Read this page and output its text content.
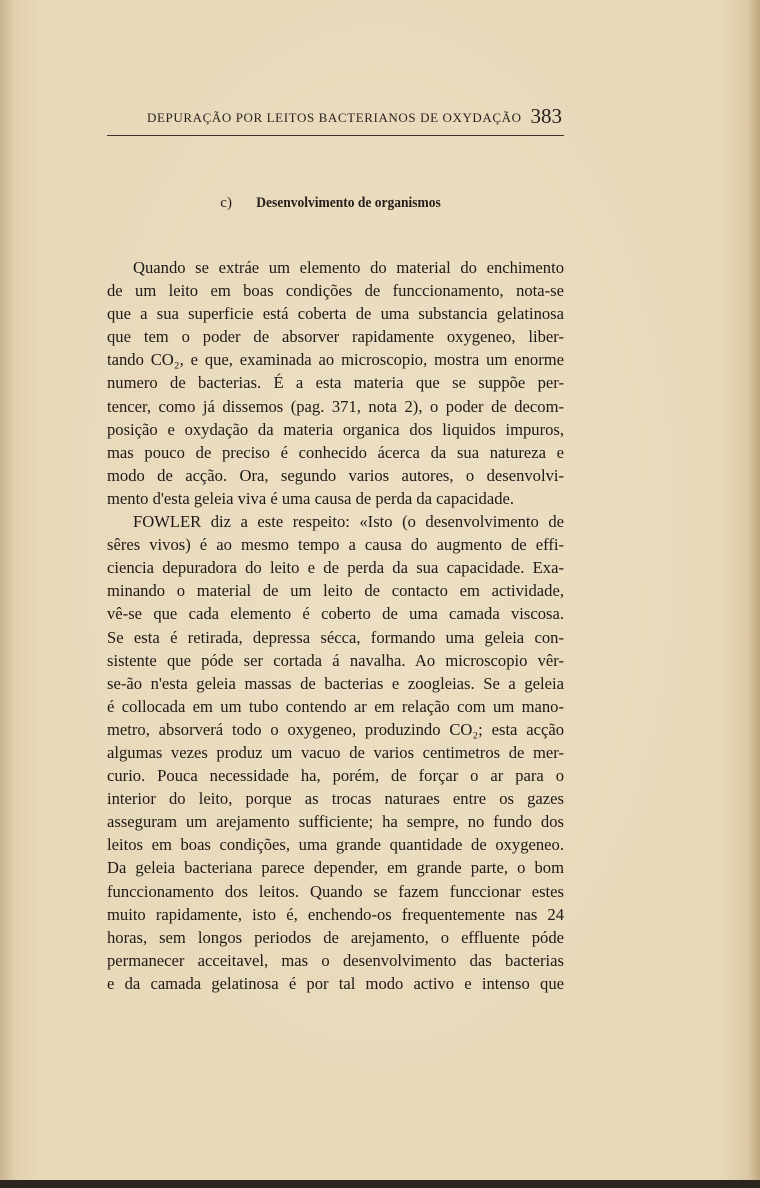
DEPURAÇÃO POR LEITOS BACTERIANOS DE OXYDAÇÃO 383
c) Desenvolvimento de organismos
Quando se extráe um elemento do material do enchimento
de um leito em boas condições de funccionamento, nota-se
que a sua superficie está coberta de uma substancia gelatinosa
que tem o poder de absorver rapidamente oxygeneo, liber-
tando CO₂, e que, examinada ao microscopio, mostra um enorme
numero de bacterias. É a esta materia que se suppõe per-
tencer, como já dissemos (pag. 371, nota 2), o poder de decom-
posição e oxydação da materia organica dos liquidos impuros,
mas pouco de preciso é conhecido ácerca da sua natureza e
modo de acção. Ora, segundo varios autores, o desenvolvi-
mento d'esta geleia viva é uma causa de perda da capacidade.
FOWLER diz a este respeito: «Isto (o desenvolvimento de
sêres vivos) é ao mesmo tempo a causa do augmento de effi-
ciencia depuradora do leito e de perda da sua capacidade. Exa-
minando o material de um leito de contacto em actividade,
vê-se que cada elemento é coberto de uma camada viscosa.
Se esta é retirada, depressa sécca, formando uma geleia con-
sistente que póde ser cortada á navalha. Ao microscopio vêr-
se-ão n'esta geleia massas de bacterias e zoogleias. Se a geleia
é collocada em um tubo contendo ar em relação com um mano-
metro, absorverá todo o oxygeneo, produzindo CO₂; esta acção
algumas vezes produz um vacuo de varios centimetros de mer-
curio. Pouca necessidade ha, porém, de forçar o ar para o
interior do leito, porque as trocas naturaes entre os gazes
asseguram um arejamento sufficiente; ha sempre, no fundo dos
leitos em boas condições, uma grande quantidade de oxygeneo.
Da geleia bacteriana parece depender, em grande parte, o bom
funccionamento dos leitos. Quando se fazem funccionar estes
muito rapidamente, isto é, enchendo-os frequentemente nas 24
horas, sem longos periodos de arejamento, o effluente póde
permanecer acceitavel, mas o desenvolvimento das bacterias
e da camada gelatinosa é por tal modo activo e intenso que
